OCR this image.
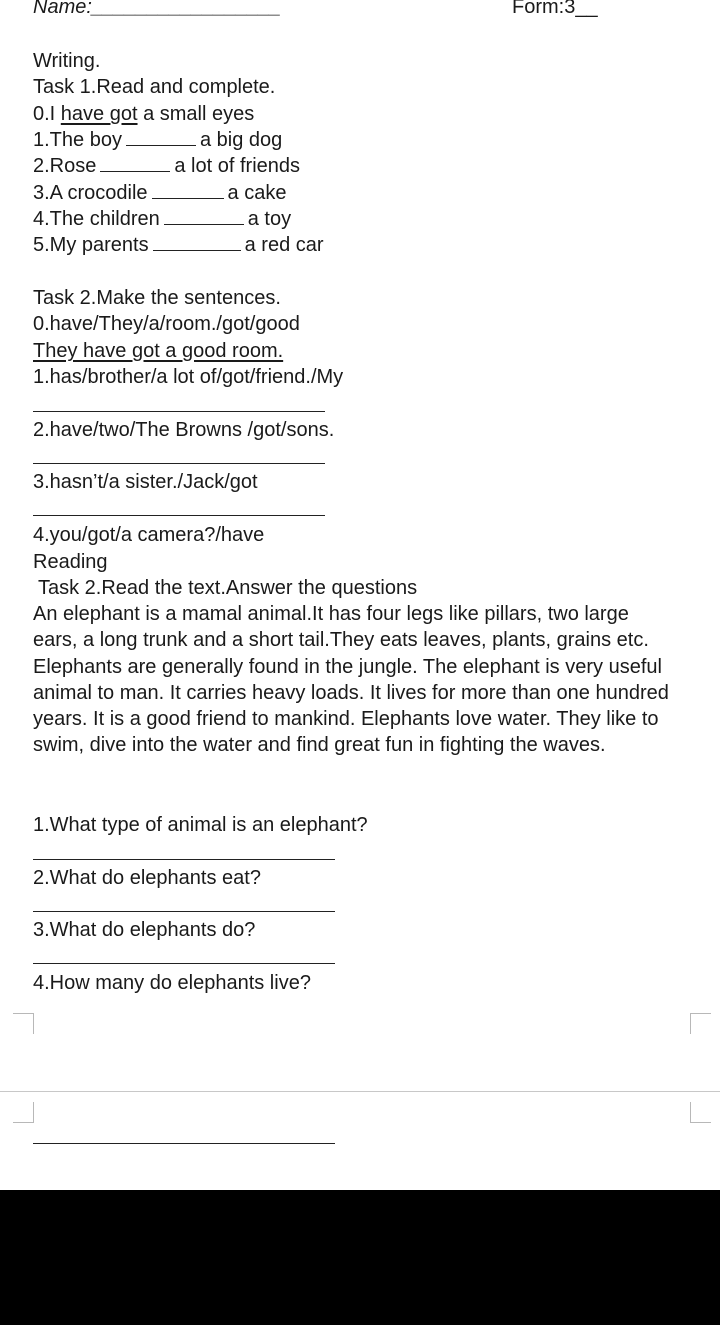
Name:_________________	Form:3__
Writing.
Task 1.Read and complete.
0.I have got a small eyes
1.The boy	a big dog
2.Rose	a lot of friends
3.A crocodile	a cake
4.The children	a toy
5.My parents	a red car
Task 2.Make the sentences.
0.have/They/a/room./got/good
They have got a good room.
1.has/brother/a lot of/got/friend./My
2.have/two/The Browns /got/sons.
3.hasn’t/a sister./Jack/got
4.you/got/a camera?/have
Reading
Task 2.Read the text.Answer the questions

An elephant is a mamal animal.It has four legs like pillars, two large ears, a long trunk and a short tail.They eats leaves, plants, grains etc. Elephants are generally found in the jungle. The elephant is very useful animal to man. It carries heavy loads. It lives for more than one hundred years. It is a good friend to mankind. Elephants love water. They like to swim, dive into the water and find great fun in fighting the waves.

1.What type of animal is an elephant?
2.What do elephants eat?
3.What do elephants do?
4.How many do elephants live?
